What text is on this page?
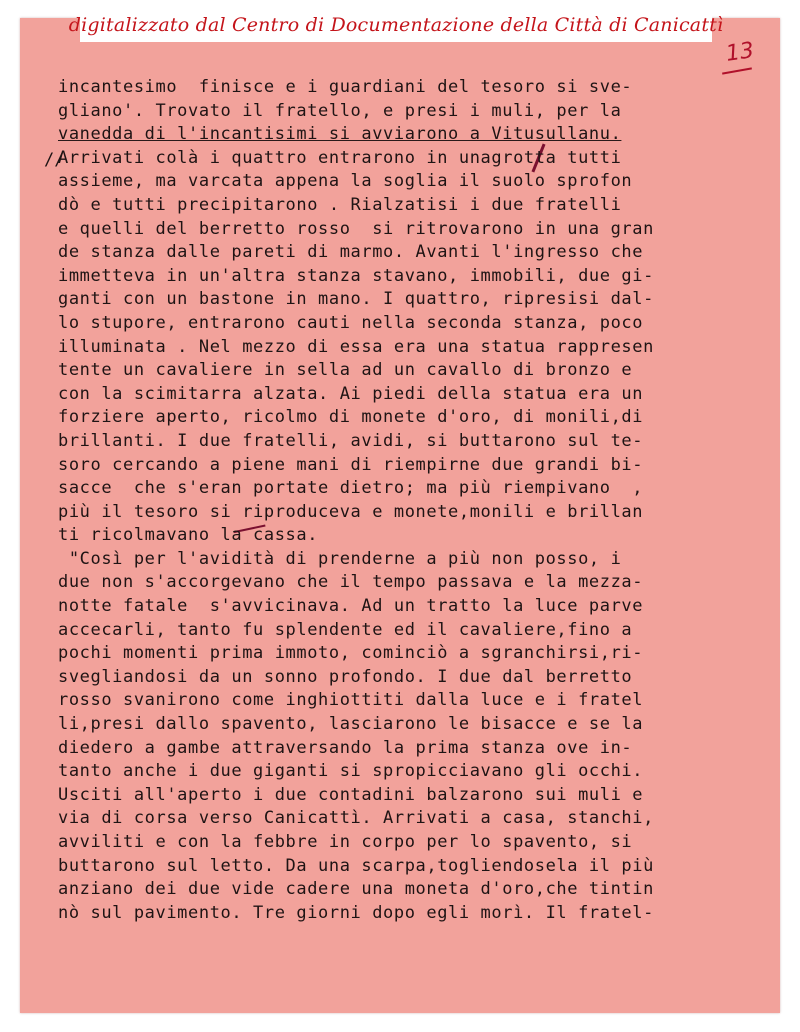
digitalizzato dal Centro di Documentazione della Città di Canicattì
13
//
incantesimo  finisce e i guardiani del tesoro si sve-
gliano'. Trovato il fratello, e presi i muli, per la
vanedda di l'incantisimi si avviarono a Vitusullanu.
Arrivati colà i quattro entrarono in unagrotta tutti
assieme, ma varcata appena la soglia il suolo sprofon
dò e tutti precipitarono . Rialzatisi i due fratelli
e quelli del berretto rosso  si ritrovarono in una gran
de stanza dalle pareti di marmo. Avanti l'ingresso che
immetteva in un'altra stanza stavano, immobili, due gi-
ganti con un bastone in mano. I quattro, ripresisi dal-
lo stupore, entrarono cauti nella seconda stanza, poco
illuminata . Nel mezzo di essa era una statua rappresen
tente un cavaliere in sella ad un cavallo di bronzo e
con la scimitarra alzata. Ai piedi della statua era un
forziere aperto, ricolmo di monete d'oro, di monili,di
brillanti. I due fratelli, avidi, si buttarono sul te-
soro cercando a piene mani di riempirne due grandi bi-
sacce  che s'eran portate dietro; ma più riempivano  ,
più il tesoro si riproduceva e monete,monili e brillan
ti ricolmavano la cassa.
"Così per l'avidità di prenderne a più non posso, i
due non s'accorgevano che il tempo passava e la mezza-
notte fatale  s'avvicinava. Ad un tratto la luce parve
accecarli, tanto fu splendente ed il cavaliere,fino a
pochi momenti prima immoto, cominciò a sgranchirsi,ri-
svegliandosi da un sonno profondo. I due dal berretto
rosso svanirono come inghiottiti dalla luce e i fratel
li,presi dallo spavento, lasciarono le bisacce e se la
diedero a gambe attraversando la prima stanza ove in-
tanto anche i due giganti si spropicciavano gli occhi.
Usciti all'aperto i due contadini balzarono sui muli e
via di corsa verso Canicattì. Arrivati a casa, stanchi,
avviliti e con la febbre in corpo per lo spavento, si
buttarono sul letto. Da una scarpa,togliendosela il più
anziano dei due vide cadere una moneta d'oro,che tintin
nò sul pavimento. Tre giorni dopo egli morì. Il fratel-
